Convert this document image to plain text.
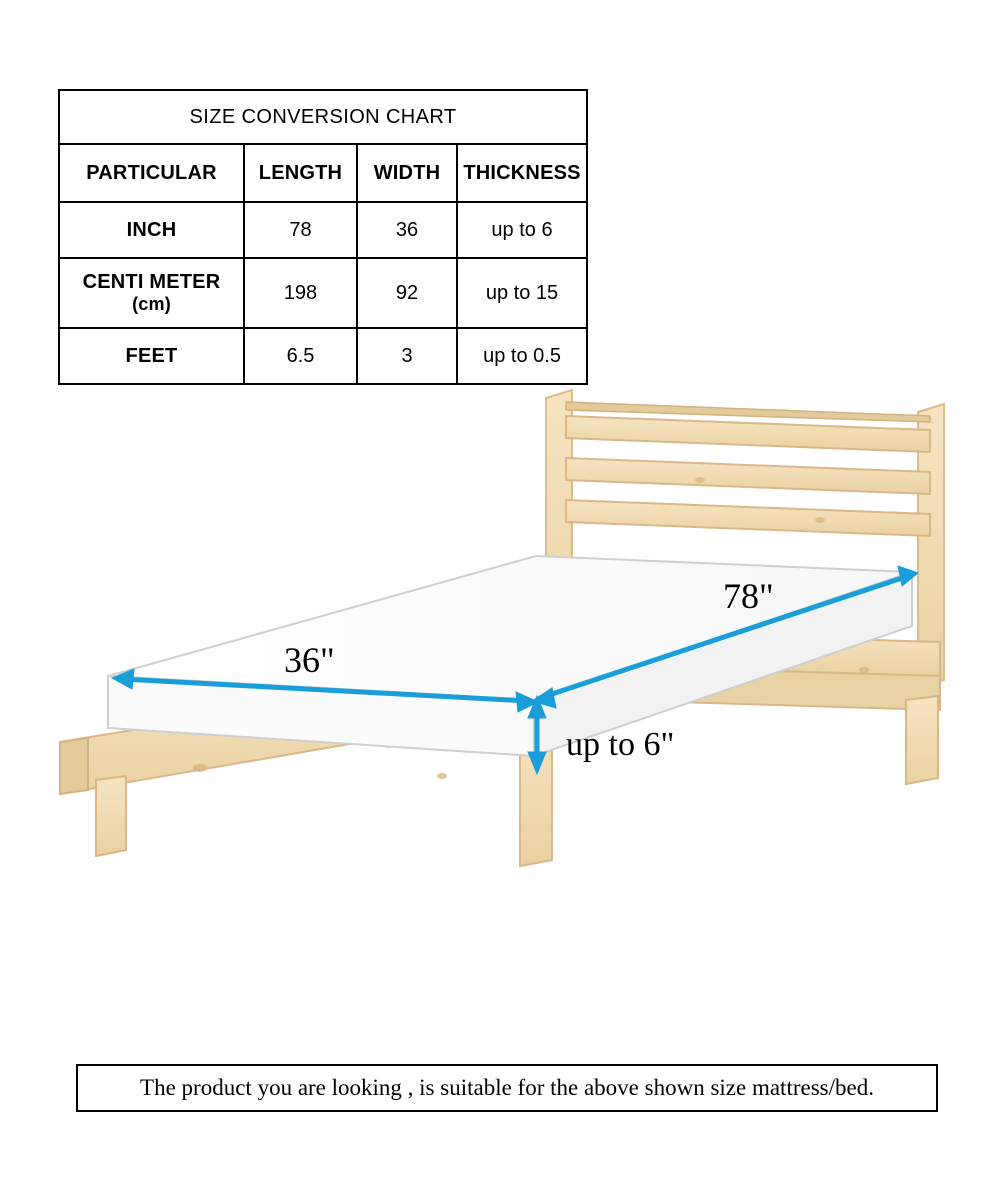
SIZE CONVERSION CHART			
PARTICULAR	LENGTH	WIDTH	THICKNESS
INCH	78	36	up to 6
CENTI METER
(cm)	198	92	up to 15
FEET	6.5	3	up to 0.5
36"
78"
up to 6"
The product you are looking , is suitable for the above shown size mattress/bed.
